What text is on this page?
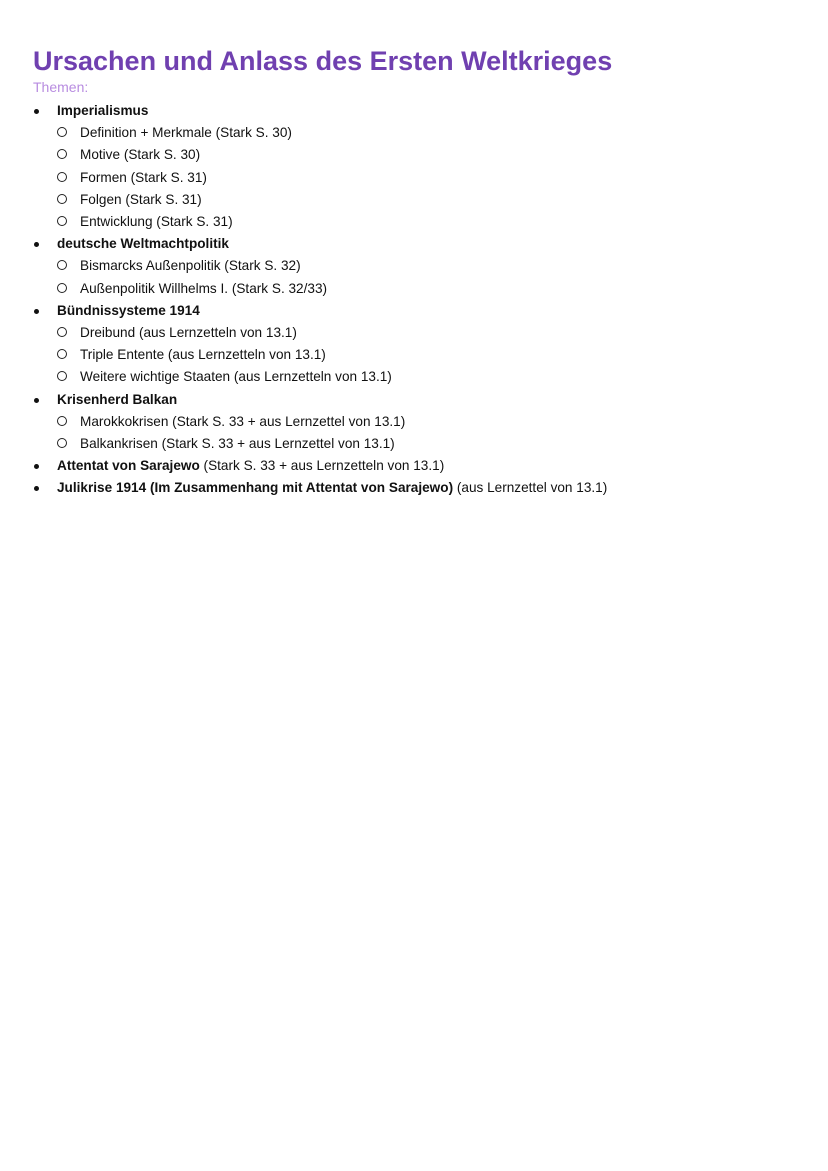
Ursachen und Anlass des Ersten Weltkrieges

Themen:

Imperialismus
Definition + Merkmale (Stark S. 30)
Motive (Stark S. 30)
Formen (Stark S. 31)
Folgen (Stark S. 31)
Entwicklung (Stark S. 31)
deutsche Weltmachtpolitik
Bismarcks Außenpolitik (Stark S. 32)
Außenpolitik Willhelms I. (Stark S. 32/33)
Bündnissysteme 1914
Dreibund (aus Lernzetteln von 13.1)
Triple Entente (aus Lernzetteln von 13.1)
Weitere wichtige Staaten (aus Lernzetteln von 13.1)
Krisenherd Balkan
Marokkokrisen (Stark S. 33 + aus Lernzettel von 13.1)
Balkankrisen (Stark S. 33 + aus Lernzettel von 13.1)
Attentat von Sarajewo (Stark S. 33 + aus Lernzetteln von 13.1)
Julikrise 1914 (Im Zusammenhang mit Attentat von Sarajewo) (aus Lernzettel von 13.1)
